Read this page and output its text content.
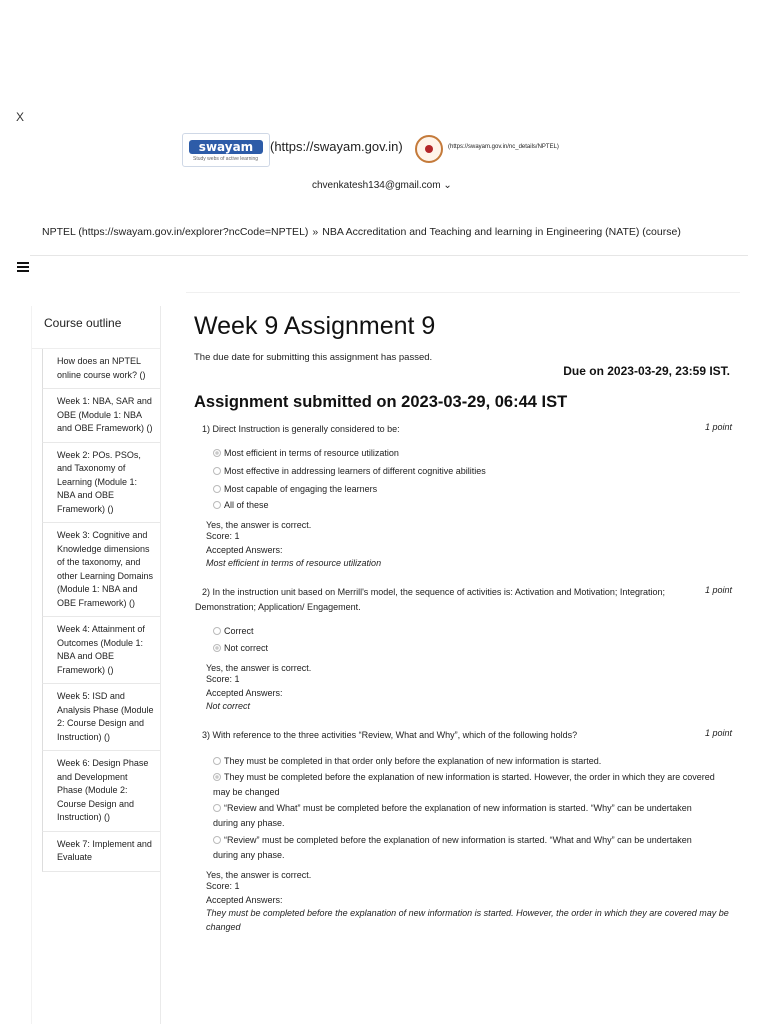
X
swayam
Study webs of active learning
(https://swayam.gov.in)	(https://swayam.gov.in/nc_details/NPTEL)
chvenkatesh134@gmail.com ⌄
NPTEL (https://swayam.gov.in/explorer?ncCode=NPTEL) » NBA Accreditation and Teaching and learning in Engineering (NATE) (course)
Course outline
How does an NPTEL online course work? ()
Week 1: NBA, SAR and OBE (Module 1: NBA and OBE Framework) ()
Week 2: POs. PSOs, and Taxonomy of Learning (Module 1: NBA and OBE Framework) ()
Week 3: Cognitive and Knowledge dimensions of the taxonomy, and other Learning Domains (Module 1: NBA and OBE Framework) ()
Week 4: Attainment of Outcomes (Module 1: NBA and OBE Framework) ()
Week 5: ISD and Analysis Phase (Module 2: Course Design and Instruction) ()
Week 6: Design Phase and Development Phase (Module 2: Course Design and Instruction) ()
Week 7: Implement and Evaluate
Week 9 Assignment 9
The due date for submitting this assignment has passed.
Due on 2023-03-29, 23:59 IST.
Assignment submitted on 2023-03-29, 06:44 IST
1) Direct Instruction is generally considered to be:	1 point
Most efficient in terms of resource utilization
Most effective in addressing learners of different cognitive abilities
Most capable of engaging the learners
All of these
Yes, the answer is correct.
Score: 1
Accepted Answers:
Most efficient in terms of resource utilization
2) In the instruction unit based on Merrill's model, the sequence of activities is: Activation and Motivation; Integration; Demonstration; Application/ Engagement.
1 point
Correct
Not correct
Yes, the answer is correct.
Score: 1
Accepted Answers:
Not correct
3) With reference to the three activities “Review, What and Why”, which of the following holds?	1 point
They must be completed in that order only before the explanation of new information is started.
They must be completed before the explanation of new information is started. However, the order in which they are covered may be changed
“Review and What” must be completed before the explanation of new information is started. “Why” can be undertaken during any phase.
“Review” must be completed before the explanation of new information is started. “What and Why” can be undertaken during any phase.
Yes, the answer is correct.
Score: 1
Accepted Answers:
They must be completed before the explanation of new information is started. However, the order in which they are covered may be changed
